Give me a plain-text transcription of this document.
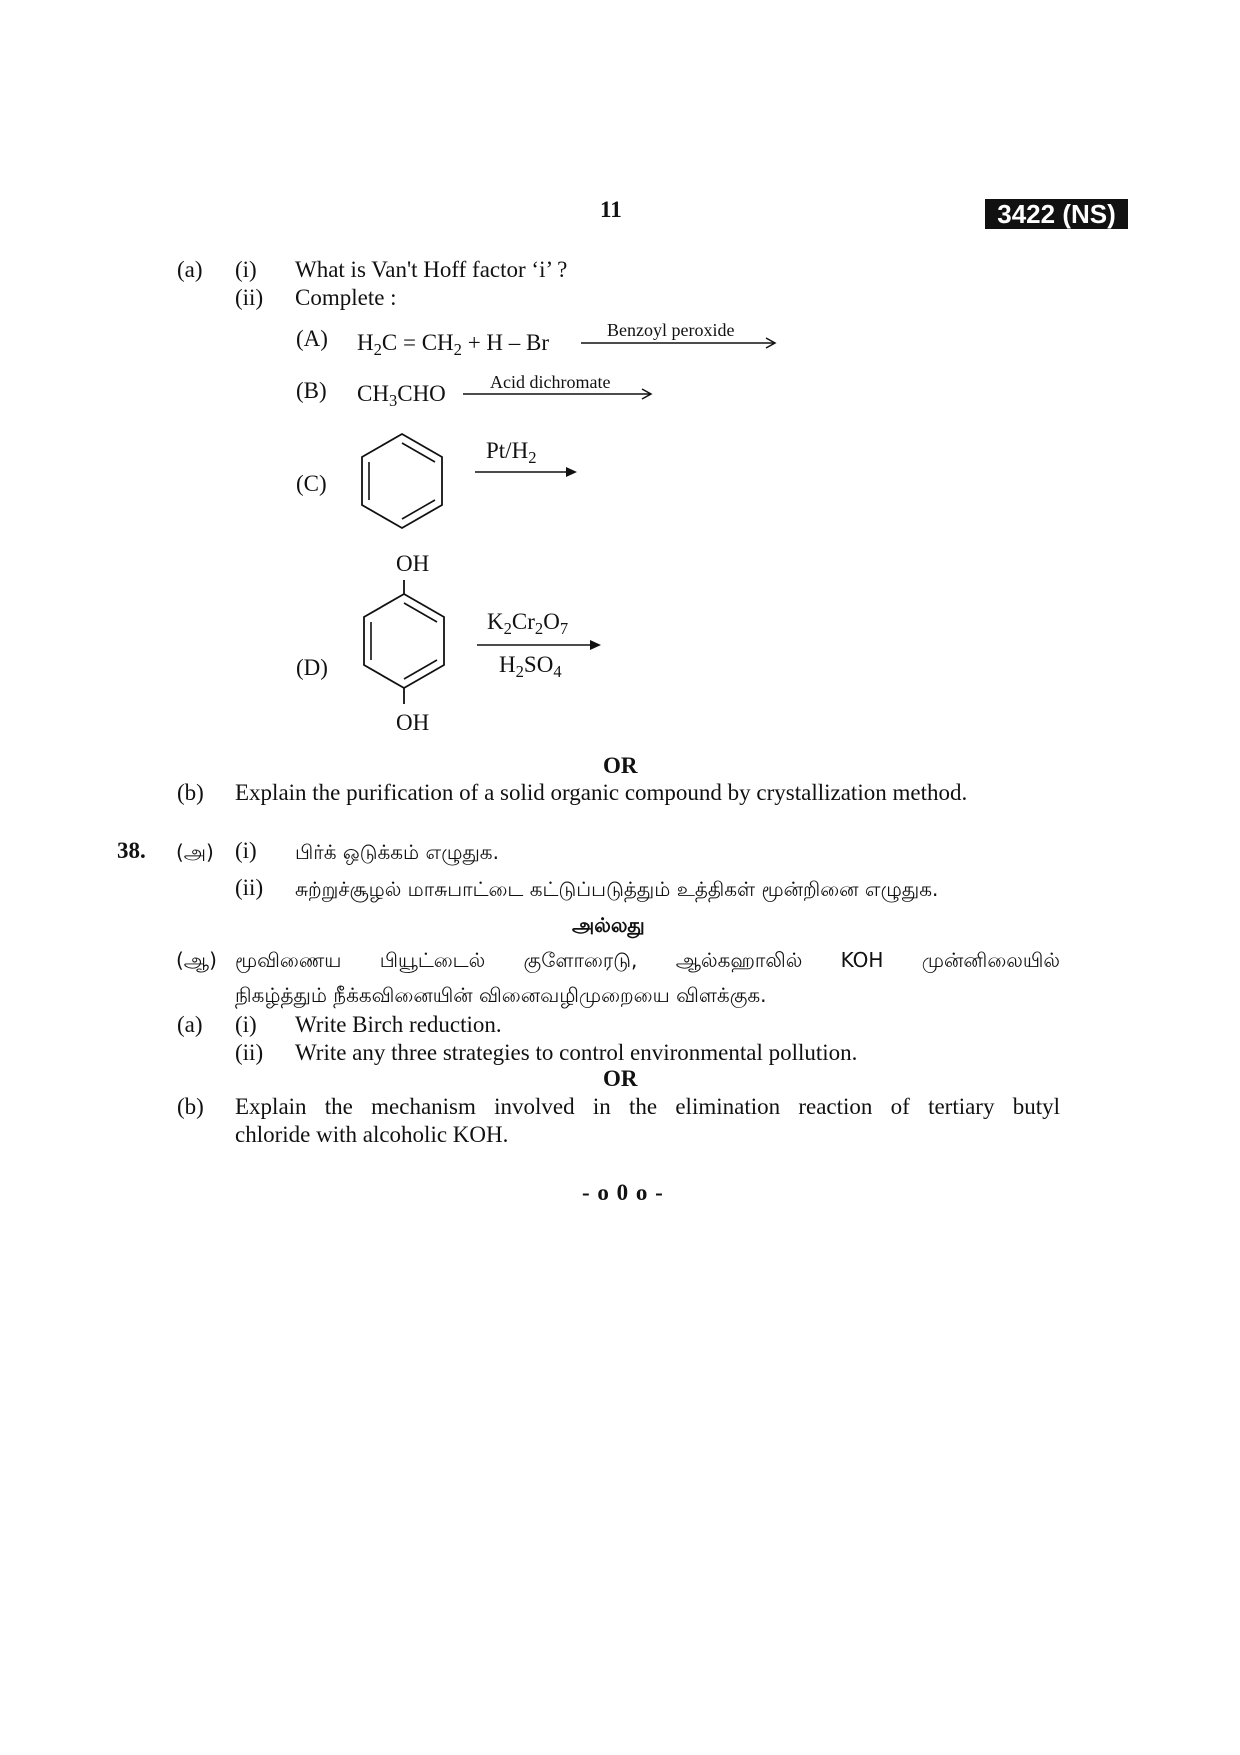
11	3422 (NS)
(a) (i) What is Van't Hoff factor ‘i’ ?
(ii) Complete :
(A) $H_2C = CH_2 + H - Br$	Benzoyl peroxide
(B) $CH_3CHO$ Acid dichromate
(C)
$Pt/H_2$
OH
OH
(D)
$K_2Cr_2O_7$
$H_2SO_4$
OR
(b) Explain the purification of a solid organic compound by crystallization method.
38. (அ) (i) பிர்க் ஒடுக்கம் எழுதுக.
(ii) சுற்றுச்சூழல் மாசுபாட்டை கட்டுப்படுத்தும் உத்திகள் மூன்றினை எழுதுக.
அல்லது
(ஆ) மூவிணைய பியூட்டைல் குளோரைடு, ஆல்கஹாலில் KOH முன்னிலையில்
நிகழ்த்தும் நீக்கவினையின் வினைவழிமுறையை விளக்குக.
(a) (i) Write Birch reduction.
(ii) Write any three strategies to control environmental pollution.
OR
(b) Explain the mechanism involved in the elimination reaction of tertiary butyl
chloride with alcoholic KOH.
- o 0 o -
